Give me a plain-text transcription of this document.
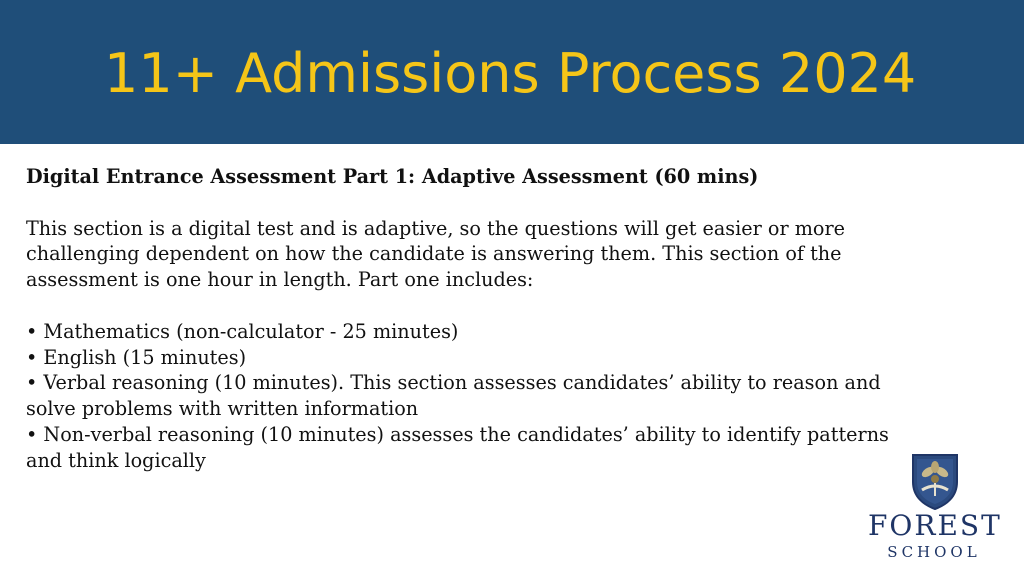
11+ Admissions Process 2024

Digital Entrance Assessment Part 1: Adaptive Assessment (60 mins)

This section is a digital test and is adaptive, so the questions will get easier or more challenging dependent on how the candidate is answering them. This section of the assessment is one hour in length. Part one includes:

• Mathematics (non-calculator - 25 minutes)
• English (15 minutes)
• Verbal reasoning (10 minutes). This section assesses candidates’ ability to reason and solve problems with written information
• Non-verbal reasoning (10 minutes) assesses the candidates’ ability to identify patterns and think logically
FOREST
SCHOOL
